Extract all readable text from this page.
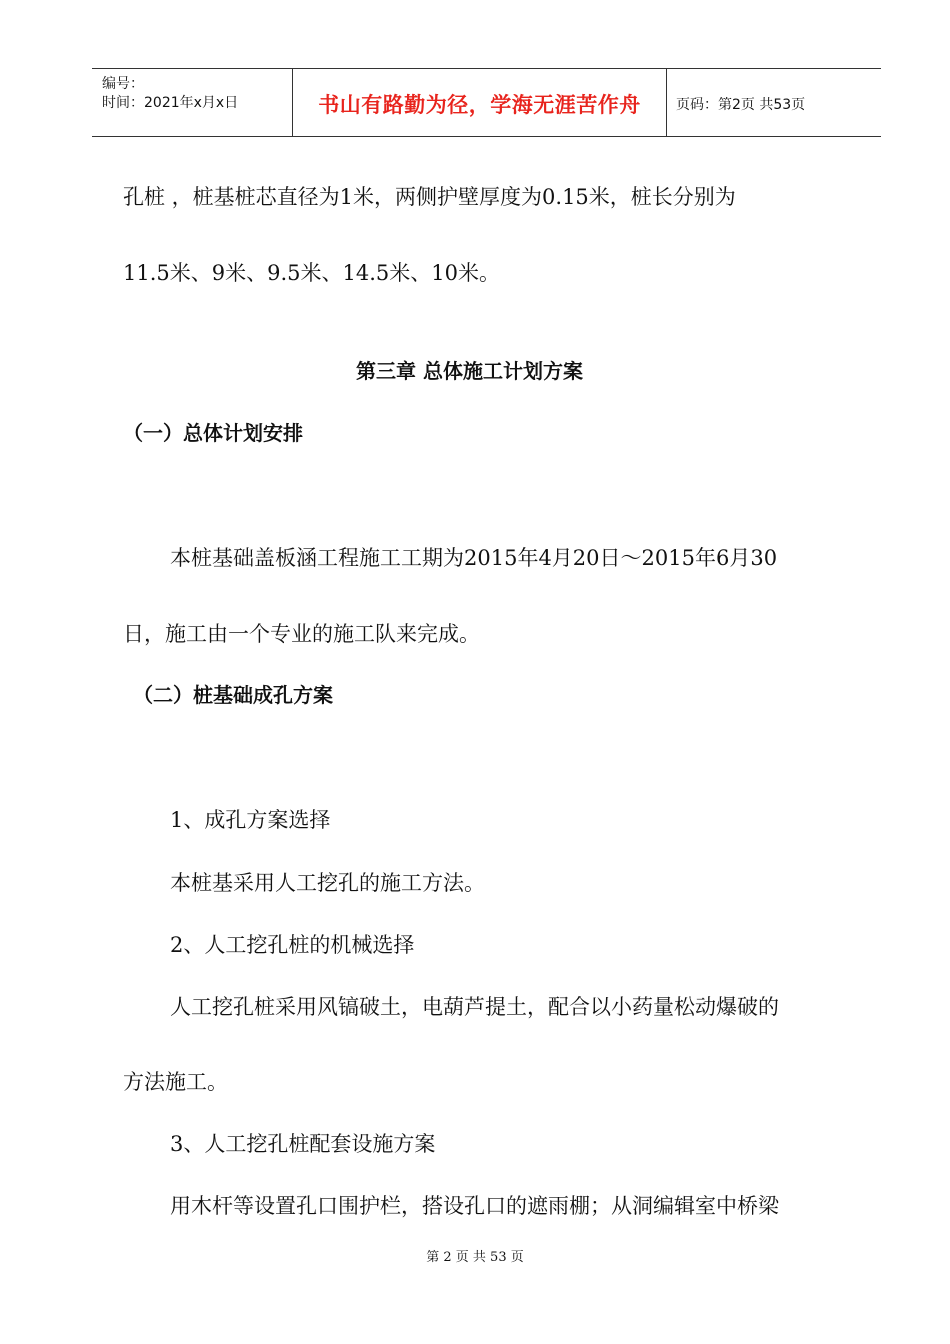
编号：
时间：2021年x月x日	书山有路勤为径，学海无涯苦作舟	页码：第2页 共53页
孔桩 ，桩基桩芯直径为1米，两侧护壁厚度为0.15米，桩长分别为
11.5米、9米、9.5米、14.5米、10米。
第三章 总体施工计划方案
（一）总体计划安排
本桩基础盖板涵工程施工工期为2015年4月20日～2015年6月30
日，施工由一个专业的施工队来完成。
（二）桩基础成孔方案
1、成孔方案选择
本桩基采用人工挖孔的施工方法。
2、人工挖孔桩的机械选择
人工挖孔桩采用风镐破土，电葫芦提土，配合以小药量松动爆破的
方法施工。
3、人工挖孔桩配套设施方案
用木杆等设置孔口围护栏，搭设孔口的遮雨棚；从洞编辑室中桥梁
第 2 页 共 53 页
